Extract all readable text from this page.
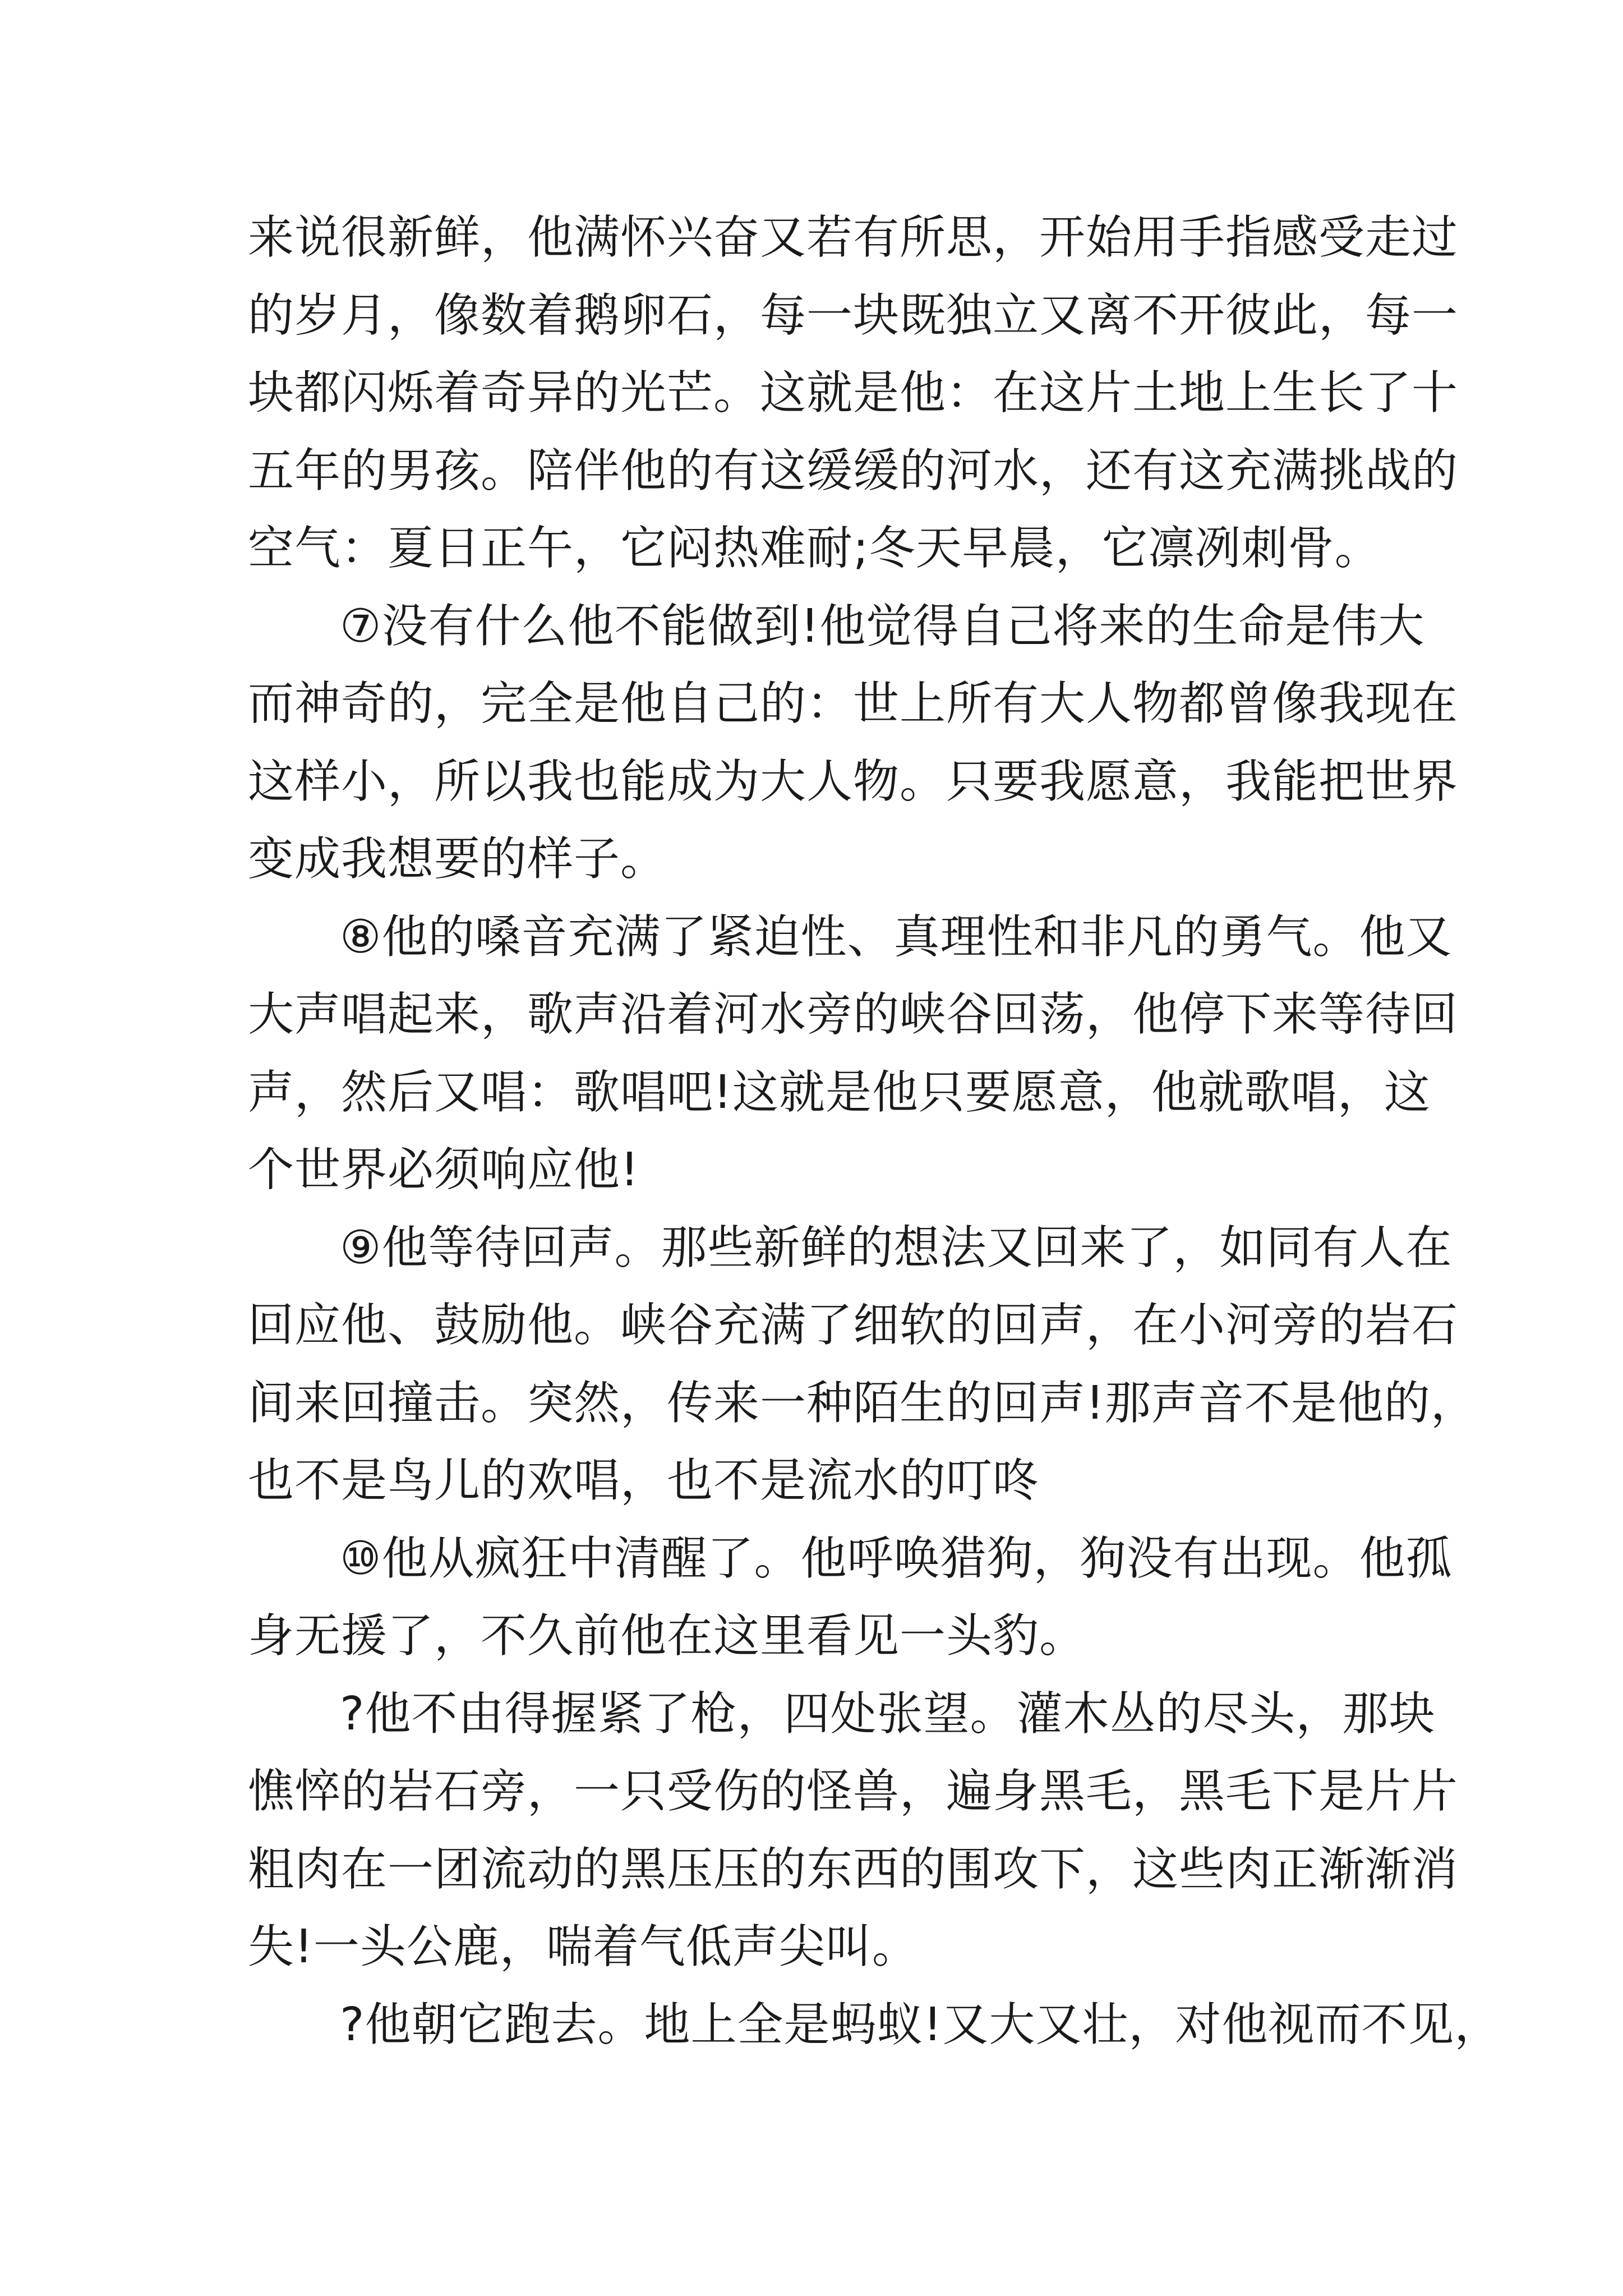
来说很新鲜，他满怀兴奋又若有所思，开始用手指感受走过
的岁月，像数着鹅卵石，每一块既独立又离不开彼此，每一
块都闪烁着奇异的光芒。这就是他：在这片土地上生长了十
五年的男孩。陪伴他的有这缓缓的河水，还有这充满挑战的
空气：夏日正午，它闷热难耐;冬天早晨，它凛冽刺骨。
⑦没有什么他不能做到!他觉得自己将来的生命是伟大
而神奇的，完全是他自己的：世上所有大人物都曾像我现在
这样小，所以我也能成为大人物。只要我愿意，我能把世界
变成我想要的样子。
⑧他的嗓音充满了紧迫性、真理性和非凡的勇气。他又
大声唱起来，歌声沿着河水旁的峡谷回荡，他停下来等待回
声，然后又唱：歌唱吧!这就是他只要愿意，他就歌唱，这
个世界必须响应他!
⑨他等待回声。那些新鲜的想法又回来了，如同有人在
回应他、鼓励他。峡谷充满了细软的回声，在小河旁的岩石
间来回撞击。突然，传来一种陌生的回声!那声音不是他的，
也不是鸟儿的欢唱，也不是流水的叮咚
⑩他从疯狂中清醒了。他呼唤猎狗，狗没有出现。他孤
身无援了，不久前他在这里看见一头豹。
?他不由得握紧了枪，四处张望。灌木丛的尽头，那块
憔悴的岩石旁，一只受伤的怪兽，遍身黑毛，黑毛下是片片
粗肉在一团流动的黑压压的东西的围攻下，这些肉正渐渐消
失!一头公鹿，喘着气低声尖叫。
?他朝它跑去。地上全是蚂蚁!又大又壮，对他视而不见，
